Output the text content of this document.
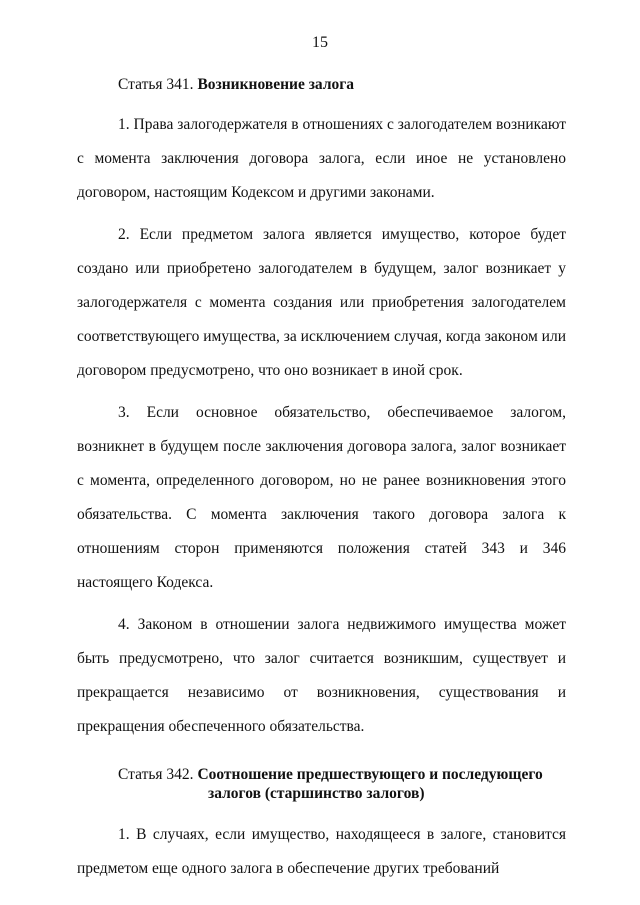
15
Статья 341. Возникновение залога

1. Права залогодержателя в отношениях с залогодателем возникают с момента заключения договора залога, если иное не установлено договором, настоящим Кодексом и другими законами.

2. Если предметом залога является имущество, которое будет создано или приобретено залогодателем в будущем, залог возникает у залогодержателя с момента создания или приобретения залогодателем соответствующего имущества, за исключением случая, когда законом или договором предусмотрено, что оно возникает в иной срок.

3. Если основное обязательство, обеспечиваемое залогом, возникнет в будущем после заключения договора залога, залог возникает с момента, определенного договором, но не ранее возникновения этого обязательства. С момента заключения такого договора залога к отношениям сторон применяются положения статей 343 и 346 настоящего Кодекса.

4. Законом в отношении залога недвижимого имущества может быть предусмотрено, что залог считается возникшим, существует и прекращается независимо от возникновения, существования и прекращения обеспеченного обязательства.

Статья 342. Соотношение предшествующего и последующего
залогов (старшинство залогов)

1. В случаях, если имущество, находящееся в залоге, становится предметом еще одного залога в обеспечение других требований
